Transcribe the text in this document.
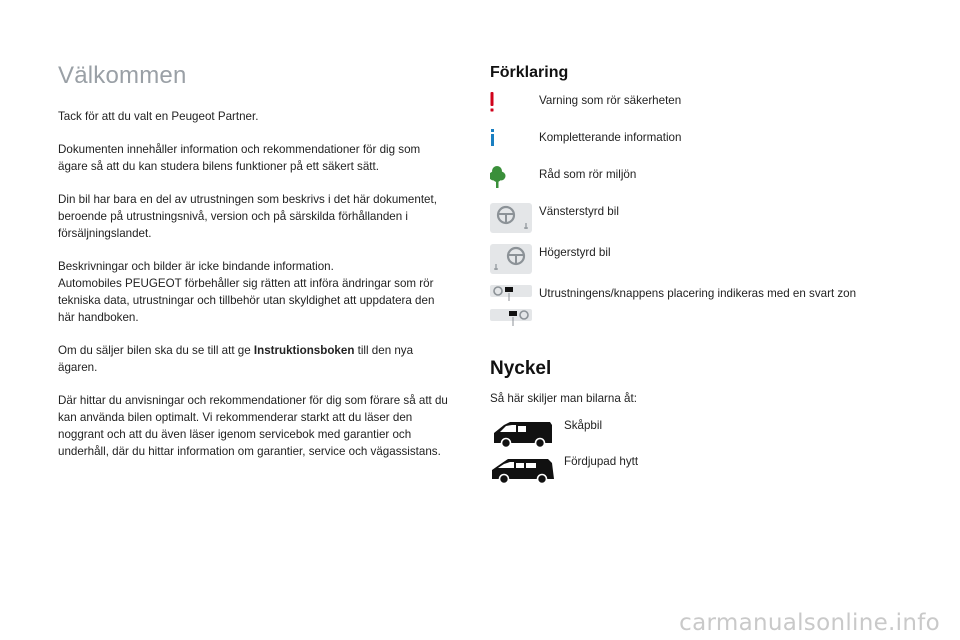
Välkommen

Tack för att du valt en Peugeot Partner.

Dokumenten innehåller information och rekommendationer för dig som ägare så att du kan studera bilens funktioner på ett säkert sätt.

Din bil har bara en del av utrustningen som beskrivs i det här dokumentet, beroende på utrustningsnivå, version och på särskilda förhållanden i försäljningslandet.

Beskrivningar och bilder är icke bindande information.
Automobiles PEUGEOT förbehåller sig rätten att införa ändringar som rör tekniska data, utrustningar och tillbehör utan skyldighet att uppdatera den här handboken.

Om du säljer bilen ska du se till att ge Instruktionsboken till den nya ägaren.

Där hittar du anvisningar och rekommendationer för dig som förare så att du kan använda bilen optimalt. Vi rekommenderar starkt att du läser den noggrant och att du även läser igenom servicebok med garantier och underhåll, där du hittar information om garantier, service och vägassistans.

Förklaring
Varning som rör säkerheten
Kompletterande information
Råd som rör miljön
Vänsterstyrd bil
Högerstyrd bil
Utrustningens/knappens placering indikeras med en svart zon
Nyckel

Så här skiljer man bilarna åt:

Skåpbil
Fördjupad hytt
carmanualsonline.info
